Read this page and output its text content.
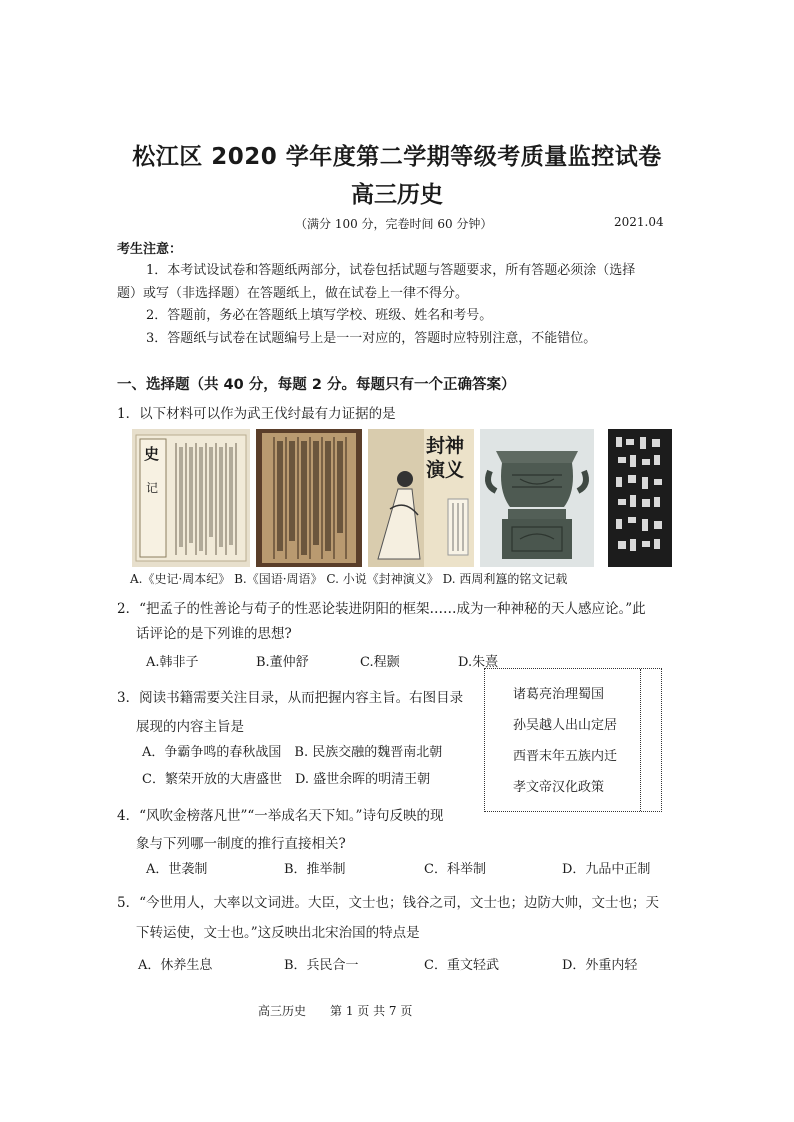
松江区 2020 学年度第二学期等级考质量监控试卷
高三历史
（满分 100 分，完卷时间 60 分钟）	2021.04
考生注意：
1．本考试设试卷和答题纸两部分，试卷包括试题与答题要求，所有答题必须涂（选择
题）或写（非选择题）在答题纸上，做在试卷上一律不得分。
2．答题前，务必在答题纸上填写学校、班级、姓名和考号。
3．答题纸与试卷在试题编号上是一一对应的，答题时应特别注意，不能错位。
一、选择题（共 40 分，每题 2 分。每题只有一个正确答案）
1．以下材料可以作为武王伐纣最有力证据的是
史
记
封神
演义
A.《史记·周本纪》 B.《国语·周语》 C. 小说《封神演义》 D. 西周利簋的铭文记载
2．“把孟子的性善论与荀子的性恶论装进阴阳的框架……成为一种神秘的天人感应论。”此
话评论的是下列谁的思想?
A.韩非子	B.董仲舒	C.程颢	D.朱熹
3．阅读书籍需要关注目录，从而把握内容主旨。右图目录
展现的内容主旨是
A．争霸争鸣的春秋战国　B. 民族交融的魏晋南北朝
C．繁荣开放的大唐盛世　D. 盛世余晖的明清王朝
诸葛亮治理蜀国
孙吴越人出山定居
西晋末年五族内迁
孝文帝汉化政策
4．“风吹金榜落凡世”“一举成名天下知。”诗句反映的现
象与下列哪一制度的推行直接相关?
A．世袭制	B．推举制	C．科举制	D．九品中正制
5．“今世用人，大率以文词进。大臣，文士也；钱谷之司，文士也；边防大帅，文士也；天
下转运使，文士也。”这反映出北宋治国的特点是
A．休养生息	B．兵民合一	C．重文轻武	D．外重内轻
高三历史　　第 1 页 共 7 页
